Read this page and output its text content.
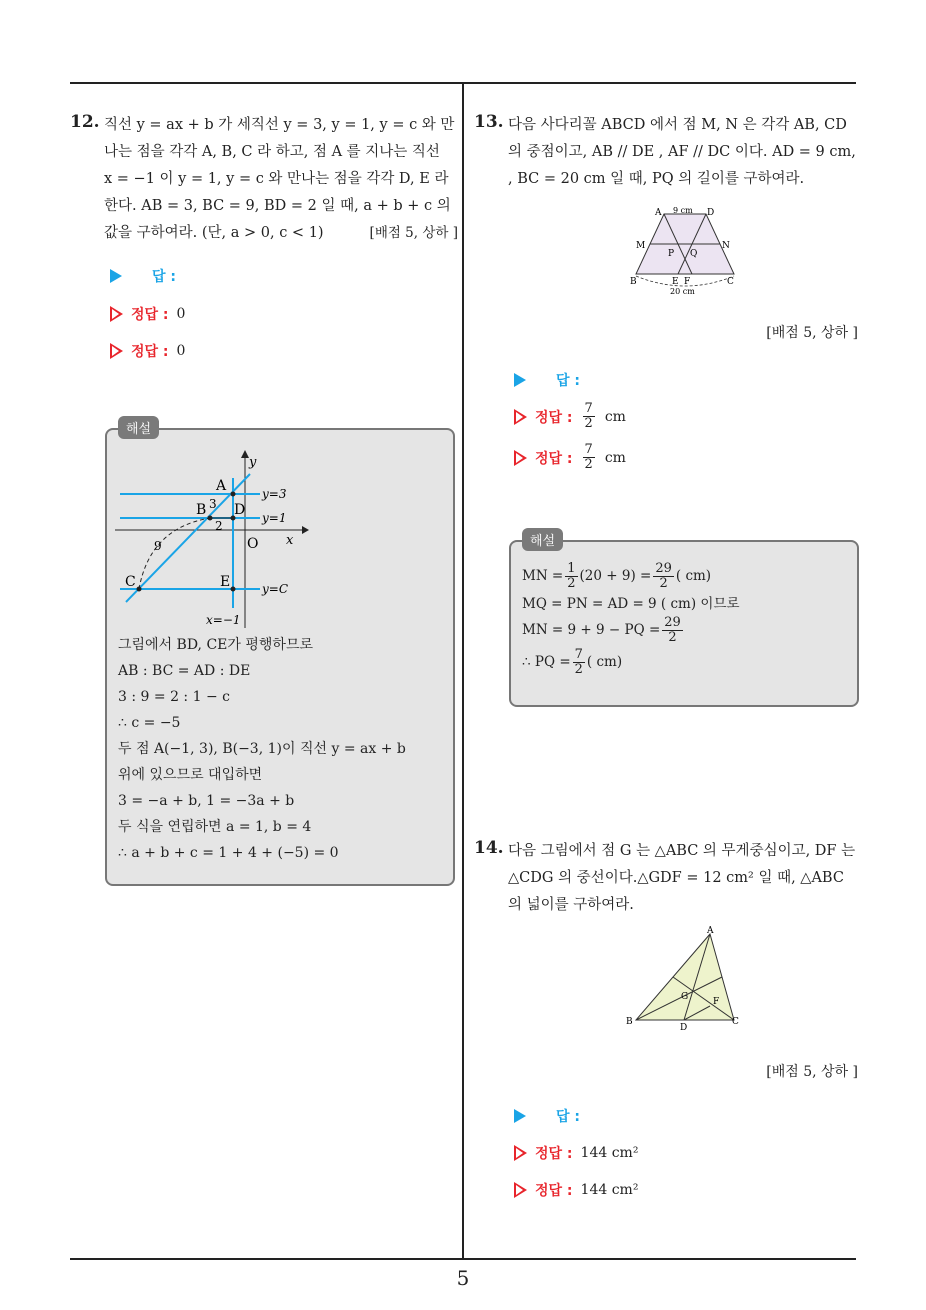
12. 직선 y = ax + b 가 세직선 y = 3, y = 1, y = c 와 만
나는 점을 각각 A, B, C 라 하고, 점 A 를 지나는 직선
x = −1 이 y = 1, y = c 와 만나는 점을 각각 D, E 라
한다. AB = 3, BC = 9, BD = 2 일 때, a + b + c 의
값을 구하여라. (단, a > 0, c < 1)	[배점 5, 상하 ]
답 :
정답 : 0
정답 : 0
해설
y
x
O
A
B D
C	E
3
2
9
y=3
y=1
y=C
x=−1
그림에서 BD, CE가 평행하므로
AB : BC = AD : DE
3 : 9 = 2 : 1 − c
∴ c = −5
두 점 A(−1, 3), B(−3, 1)이 직선 y = ax + b
위에 있으므로 대입하면
3 = −a + b, 1 = −3a + b
두 식을 연립하면 a = 1, b = 4
∴ a + b + c = 1 + 4 + (−5) = 0
13. 다음 사다리꼴 ABCD 에서 점 M, N 은 각각 AB, CD
의 중점이고, AB // DE , AF // DC 이다. AD = 9 cm,
, BC = 20 cm 일 때, PQ 의 길이를 구하여라.
A	D
B	C
M	N
P Q
E F
9 cm
20 cm
[배점 5, 상하 ]
답 :
정답 : $\frac{7}{2}$ cm
정답 : $\frac{7}{2}$ cm
해설
MN = $\frac{1}{2} (20 + 9) = \frac{29}{2}$ ( cm)
MQ = PN = AD = 9 ( cm) 이므로
MN = 9 + 9 − PQ = $\frac{29}{2}$
∴ PQ = $\frac{7}{2}$ ( cm)
14. 다음 그림에서 점 G 는 △ABC 의 무게중심이고, DF 는
△CDG 의 중선이다.△GDF = 12 cm² 일 때, △ABC
의 넓이를 구하여라.
A
B	C
D
G	F
[배점 5, 상하 ]
답 :
정답 : 144 cm²
정답 : 144 cm²
5
